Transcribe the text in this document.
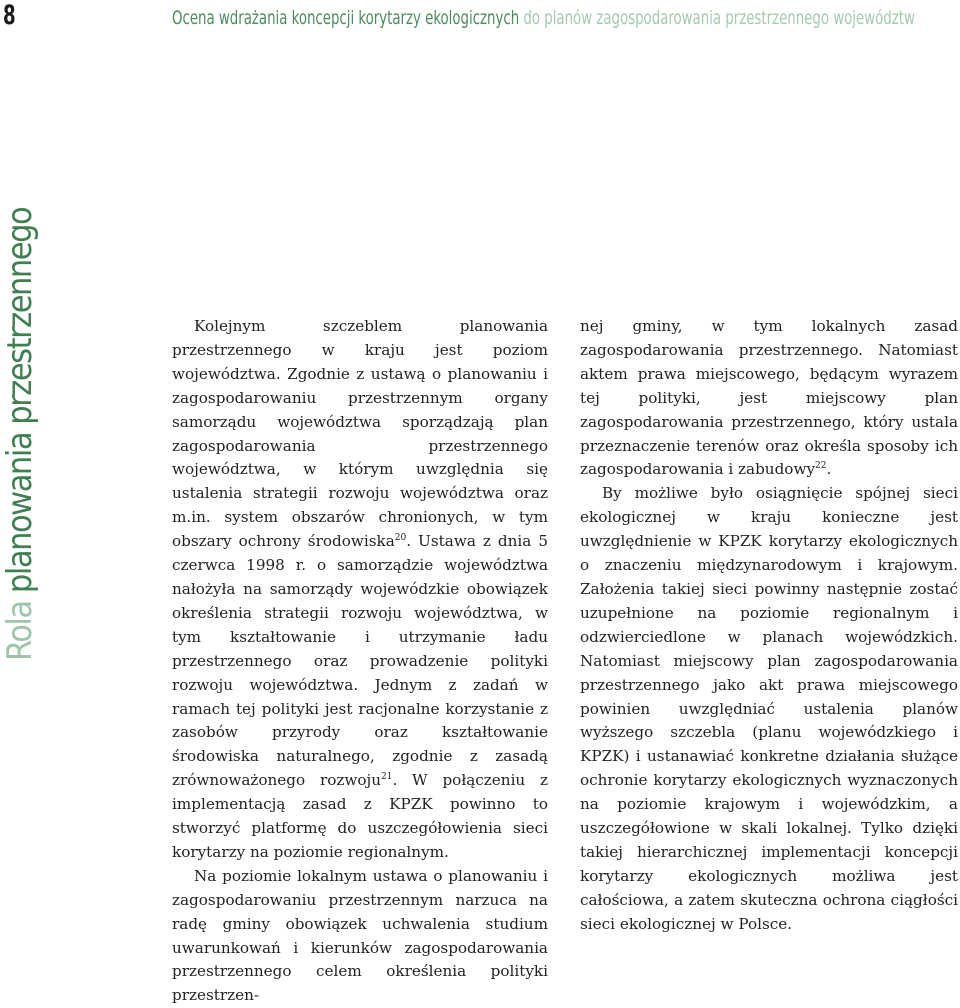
8	Ocena wdrażania koncepcji korytarzy ekologicznych do planów zagospodarowania przestrzennego województw
Rola planowania przestrzennego	Kolejnym szczeblem planowania przestrzennego w kraju jest poziom województwa. Zgodnie z ustawą o planowaniu i zagospodarowaniu przestrzennym organy samorządu województwa sporządzają plan zagospodarowania przestrzennego województwa, w którym uwzględnia się ustalenia strategii rozwoju województwa oraz m.in. system obszarów chronionych, w tym obszary ochrony środowiska$^{20}$. Ustawa z dnia 5 czerwca 1998 r. o samorządzie województwa nałożyła na samorządy wojewódzkie obowiązek określenia strategii rozwoju województwa, w tym kształtowanie i utrzymanie ładu przestrzennego oraz prowadzenie polityki rozwoju województwa. Jednym z zadań w ramach tej polityki jest racjonalne korzystanie z zasobów przyrody oraz kształtowanie środowiska naturalnego, zgodnie z zasadą zrównoważonego rozwoju$^{21}$. W połączeniu z implementacją zasad z KPZK powinno to stworzyć platformę do uszczegółowienia sieci korytarzy na poziomie regionalnym.

Na poziomie lokalnym ustawa o planowaniu i zagospodarowaniu przestrzennym narzuca na radę gminy obowiązek uchwalenia studium uwarunkowań i kierunków zagospodarowania przestrzennego celem określenia polityki przestrzen-

nej gminy, w tym lokalnych zasad zagospodarowania przestrzennego. Natomiast aktem prawa miejscowego, będącym wyrazem tej polityki, jest miejscowy plan zagospodarowania przestrzennego, który ustala przeznaczenie terenów oraz określa sposoby ich zagospodarowania i zabudowy$^{22}$.

By możliwe było osiągnięcie spójnej sieci ekologicznej w kraju konieczne jest uwzględnienie w KPZK korytarzy ekologicznych o znaczeniu międzynarodowym i krajowym. Założenia takiej sieci powinny następnie zostać uzupełnione na poziomie regionalnym i odzwierciedlone w planach wojewódzkich. Natomiast miejscowy plan zagospodarowania przestrzennego jako akt prawa miejscowego powinien uwzględniać ustalenia planów wyższego szczebla (planu wojewódzkiego i KPZK) i ustanawiać konkretne działania służące ochronie korytarzy ekologicznych wyznaczonych na poziomie krajowym i wojewódzkim, a uszczegółowione w skali lokalnej. Tylko dzięki takiej hierarchicznej implementacji koncepcji korytarzy ekologicznych możliwa jest całościowa, a zatem skuteczna ochrona ciągłości sieci ekologicznej w Polsce.
